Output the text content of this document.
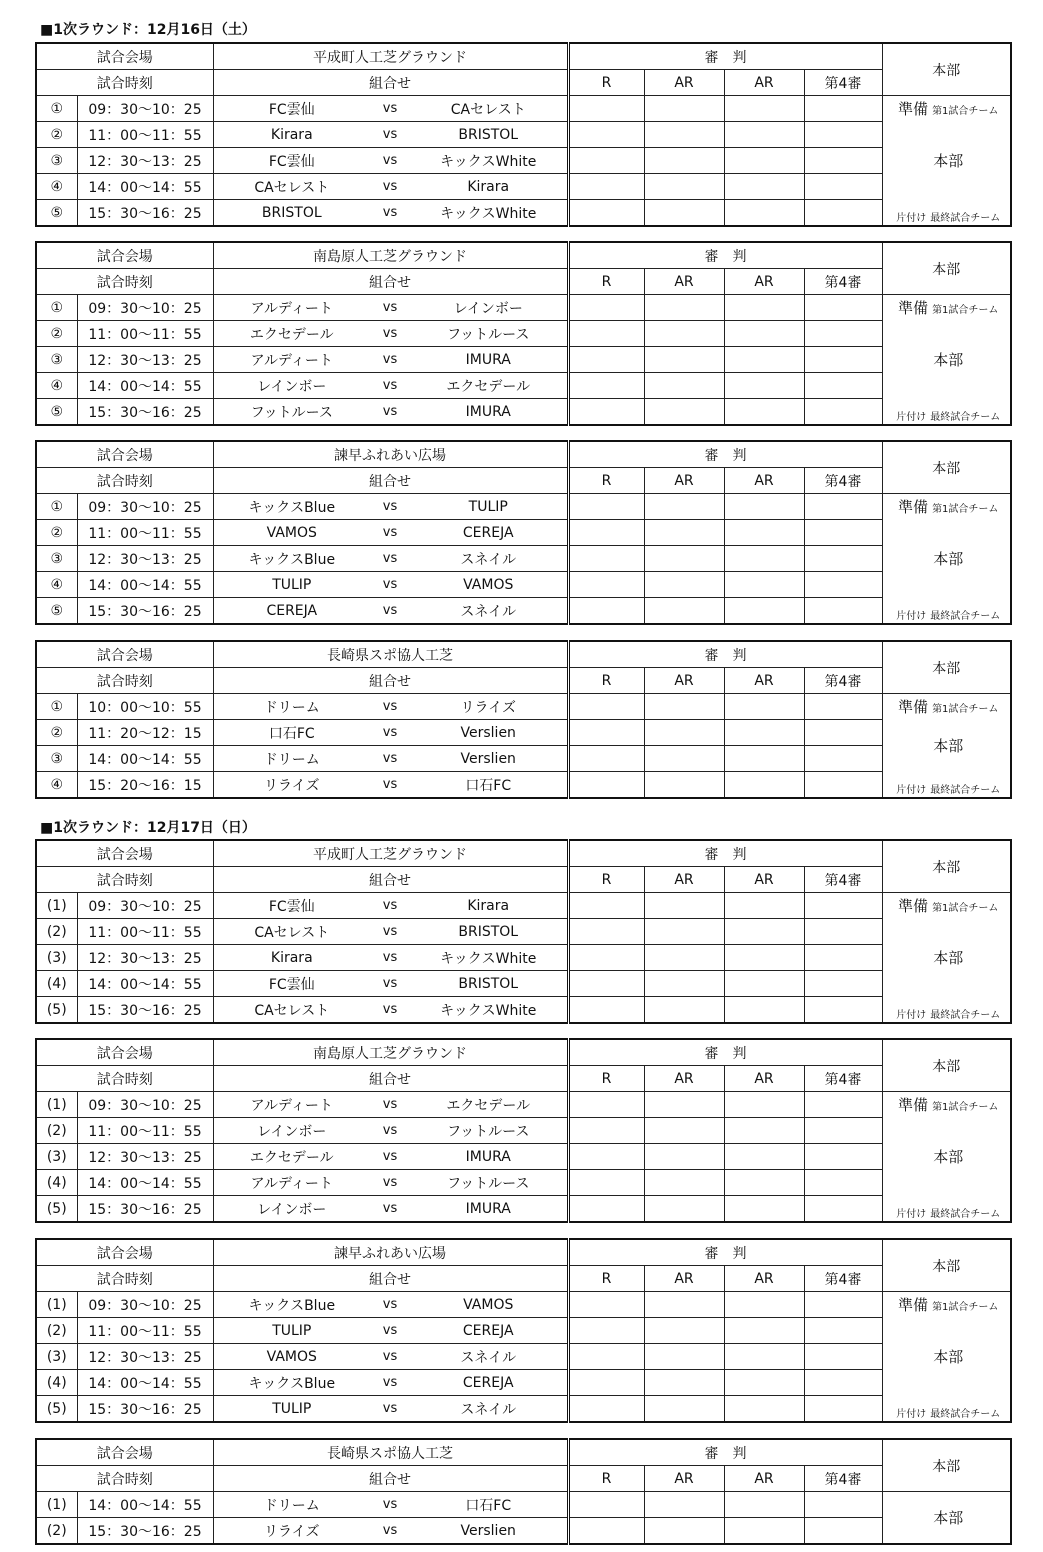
■1次ラウンド：12月16日（土）
試合会場		平成町人工芝グラウンド	審　判				本部
試合時刻		組合せ	R	AR	AR	第4審	
①	09：30～10：25	FC雲仙 vs CAセレスト					準備 第1試合チーム
②	11：00～11：55	Kirara vs BRISTOL					本部
③	12：30～13：25	FC雲仙 vs キックスWhite					

④	14：00～14：55	CAセレスト vs Kirara					

⑤	15：30～16：25	BRISTOL vs キックスWhite					片付け 最終試合チーム
試合会場		南島原人工芝グラウンド	審　判				本部
試合時刻		組合せ	R	AR	AR	第4審	
①	09：30～10：25	アルディート vs レインボー					準備 第1試合チーム
②	11：00～11：55	エクセデール vs フットルース					本部
③	12：30～13：25	アルディート vs IMURA					

④	14：00～14：55	レインボー vs エクセデール					

⑤	15：30～16：25	フットルース vs IMURA					片付け 最終試合チーム
試合会場		諫早ふれあい広場	審　判				本部
試合時刻		組合せ	R	AR	AR	第4審	
①	09：30～10：25	キックスBlue vs TULIP					準備 第1試合チーム
②	11：00～11：55	VAMOS vs CEREJA					本部
③	12：30～13：25	キックスBlue vs スネイル					

④	14：00～14：55	TULIP vs VAMOS					

⑤	15：30～16：25	CEREJA vs スネイル					片付け 最終試合チーム
試合会場		長崎県スポ協人工芝	審　判				本部
試合時刻		組合せ	R	AR	AR	第4審	
①	10：00～10：55	ドリーム vs リライズ					準備 第1試合チーム
②	11：20～12：15	口石FC vs Verslien					本部
③	14：00～14：55	ドリーム vs Verslien					

④	15：20～16：15	リライズ vs 口石FC					片付け 最終試合チーム
■1次ラウンド：12月17日（日）
試合会場		平成町人工芝グラウンド	審　判				本部
試合時刻		組合せ	R	AR	AR	第4審	
(1)	09：30～10：25	FC雲仙 vs Kirara					準備 第1試合チーム
(2)	11：00～11：55	CAセレスト vs BRISTOL					本部
(3)	12：30～13：25	Kirara vs キックスWhite					

(4)	14：00～14：55	FC雲仙 vs BRISTOL					

(5)	15：30～16：25	CAセレスト vs キックスWhite					片付け 最終試合チーム
試合会場		南島原人工芝グラウンド	審　判				本部
試合時刻		組合せ	R	AR	AR	第4審	
(1)	09：30～10：25	アルディート vs エクセデール					準備 第1試合チーム
(2)	11：00～11：55	レインボー vs フットルース					本部
(3)	12：30～13：25	エクセデール vs IMURA					

(4)	14：00～14：55	アルディート vs フットルース					

(5)	15：30～16：25	レインボー vs IMURA					片付け 最終試合チーム
試合会場		諫早ふれあい広場	審　判				本部
試合時刻		組合せ	R	AR	AR	第4審	
(1)	09：30～10：25	キックスBlue vs VAMOS					準備 第1試合チーム
(2)	11：00～11：55	TULIP vs CEREJA					本部
(3)	12：30～13：25	VAMOS vs スネイル					

(4)	14：00～14：55	キックスBlue vs CEREJA					

(5)	15：30～16：25	TULIP vs スネイル					片付け 最終試合チーム
試合会場		長崎県スポ協人工芝	審　判				本部
試合時刻		組合せ	R	AR	AR	第4審	
(1)	14：00～14：55	ドリーム vs 口石FC					本部
(2)	15：30～16：25	リライズ vs Verslien					
